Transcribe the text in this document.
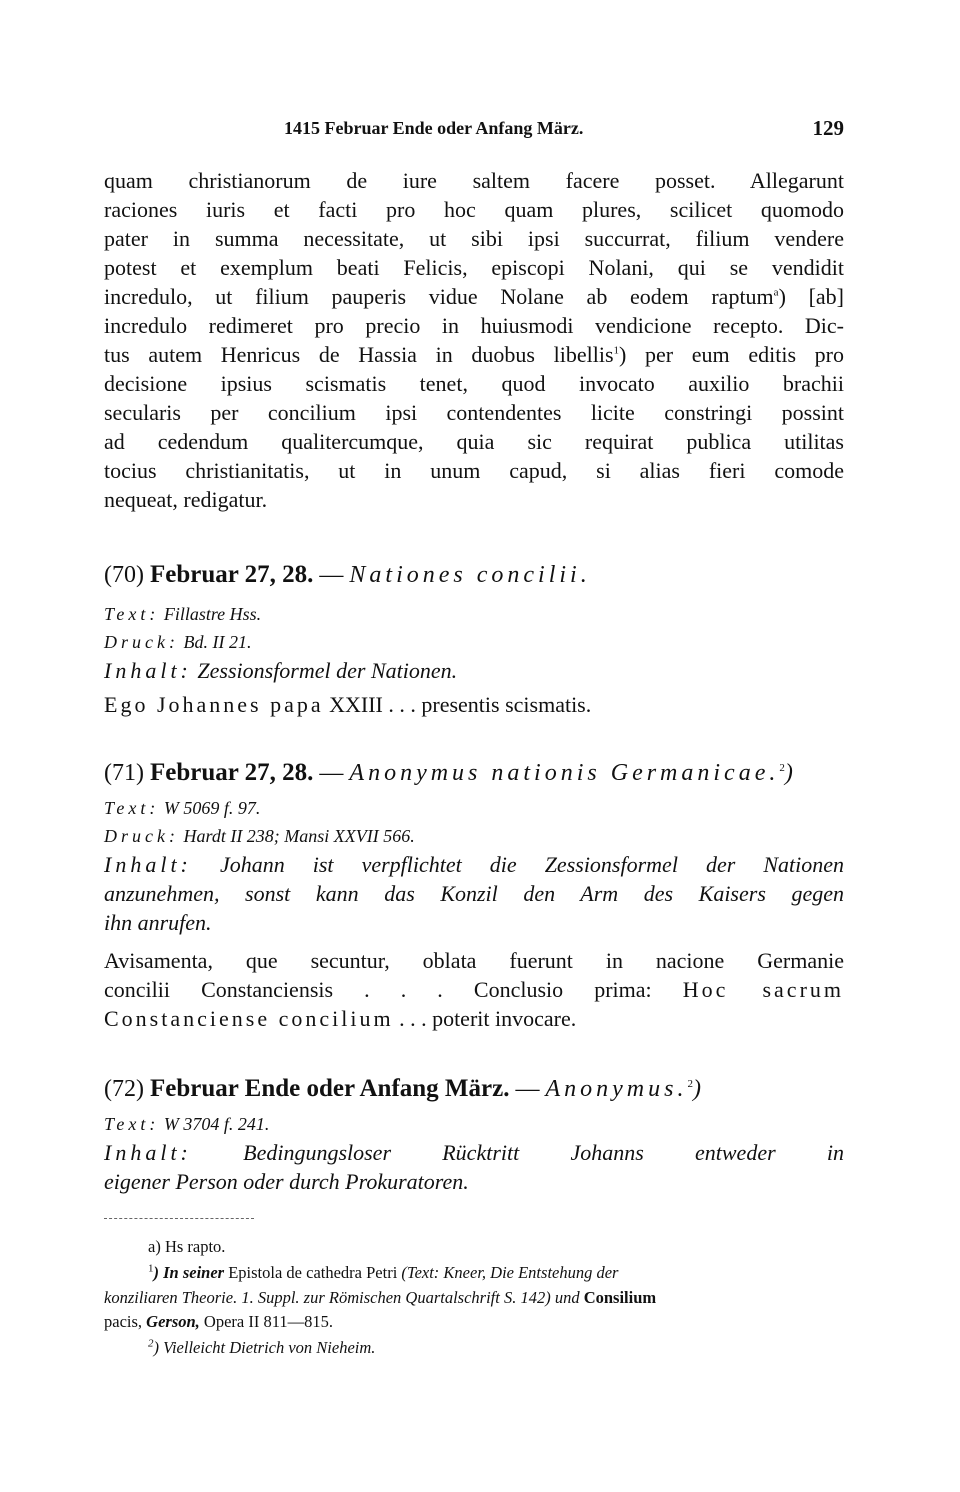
1415 Februar Ende oder Anfang März.	129
quam christianorum de iure saltem facere posset. Allegarunt
raciones iuris et facti pro hoc quam plures, scilicet quomodo
pater in summa necessitate, ut sibi ipsi succurrat, filium vendere
potest et exemplum beati Felicis, episcopi Nolani, qui se vendidit
incredulo, ut filium pauperis vidue Nolane ab eodem raptum$^a$) [ab]
incredulo redimeret pro precio in huiusmodi vendicione recepto. Dic-
tus autem Henricus de Hassia in duobus libellis$^1$) per eum editis pro
decisione ipsius scismatis tenet, quod invocato auxilio brachii
secularis per concilium ipsi contendentes licite constringi possint
ad cedendum qualitercumque, quia sic requirat publica utilitas
tocius christianitatis, ut in unum capud, si alias fieri comode
nequeat, redigatur.
(70) Februar 27, 28. — Nationes concilii.
Text: Fillastre Hss.
Druck: Bd. II 21.
Inhalt: Zessionsformel der Nationen.
Ego Johannes papa XXIII . . . presentis scismatis.
(71) Februar 27, 28. — Anonymus nationis Germanicae.$^2$)
Text: W 5069 f. 97.
Druck: Hardt II 238; Mansi XXVII 566.
Inhalt: Johann ist verpflichtet die Zessionsformel der Nationen
anzunehmen, sonst kann das Konzil den Arm des Kaisers gegen
ihn anrufen.
Avisamenta, que secuntur, oblata fuerunt in nacione Germanie
concilii Constanciensis . . . Conclusio prima: Hoc sacrum
Constanciense concilium . . . poterit invocare.
(72) Februar Ende oder Anfang März. — Anonymus.$^2$)
Text: W 3704 f. 241.
Inhalt: Bedingungsloser Rücktritt Johanns entweder in
eigener Person oder durch Prokuratoren.
a) Hs rapto.
$^1$) In seiner Epistola de cathedra Petri (Text: Kneer, Die Entstehung der
konziliaren Theorie. 1. Suppl. zur Römischen Quartalschrift S. 142) und Consilium
pacis, Gerson, Opera II 811—815.
$^2$) Vielleicht Dietrich von Nieheim.
